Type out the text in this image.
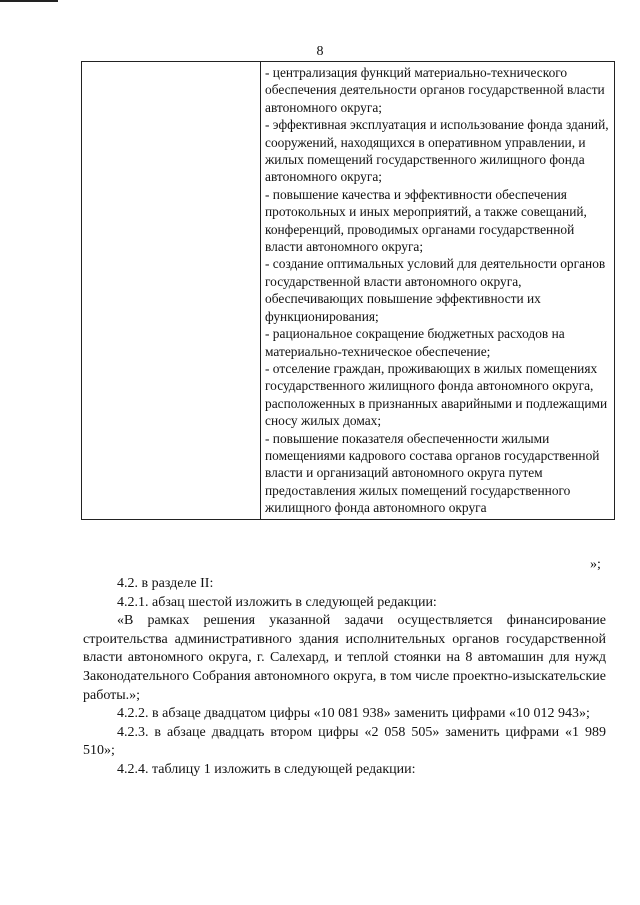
8

- централизация функций материально-технического обеспечения деятельности органов государственной власти автономного округа;
- эффективная эксплуатация и использование фонда зданий, сооружений, находящихся в оперативном управлении, и жилых помещений государственного жилищного фонда автономного округа;
- повышение качества и эффективности обеспечения протокольных и иных мероприятий, а также совещаний, конференций, проводимых органами государственной власти автономного округа;
- создание оптимальных условий для деятельности органов государственной власти автономного округа, обеспечивающих повышение эффективности их функционирования;
- рациональное сокращение бюджетных расходов на материально-техническое обеспечение;
- отселение граждан, проживающих в жилых помещениях государственного жилищного фонда автономного округа, расположенных в признанных аварийными и подлежащими сносу жилых домах;
- повышение показателя обеспеченности жилыми помещениями кадрового состава органов государственной власти и организаций автономного округа путем предоставления жилых помещений государственного жилищного фонда автономного округа
»;

4.2. в разделе II:

4.2.1. абзац шестой изложить в следующей редакции:

«В рамках решения указанной задачи осуществляется финансирование строительства административного здания исполнительных органов государственной власти автономного округа, г. Салехард, и теплой стоянки на 8 автомашин для нужд Законодательного Собрания автономного округа, в том числе проектно-изыскательские работы.»;

4.2.2. в абзаце двадцатом цифры «10 081 938» заменить цифрами «10 012 943»;

4.2.3. в абзаце двадцать втором цифры «2 058 505» заменить цифрами «1 989 510»;

4.2.4. таблицу 1 изложить в следующей редакции:
